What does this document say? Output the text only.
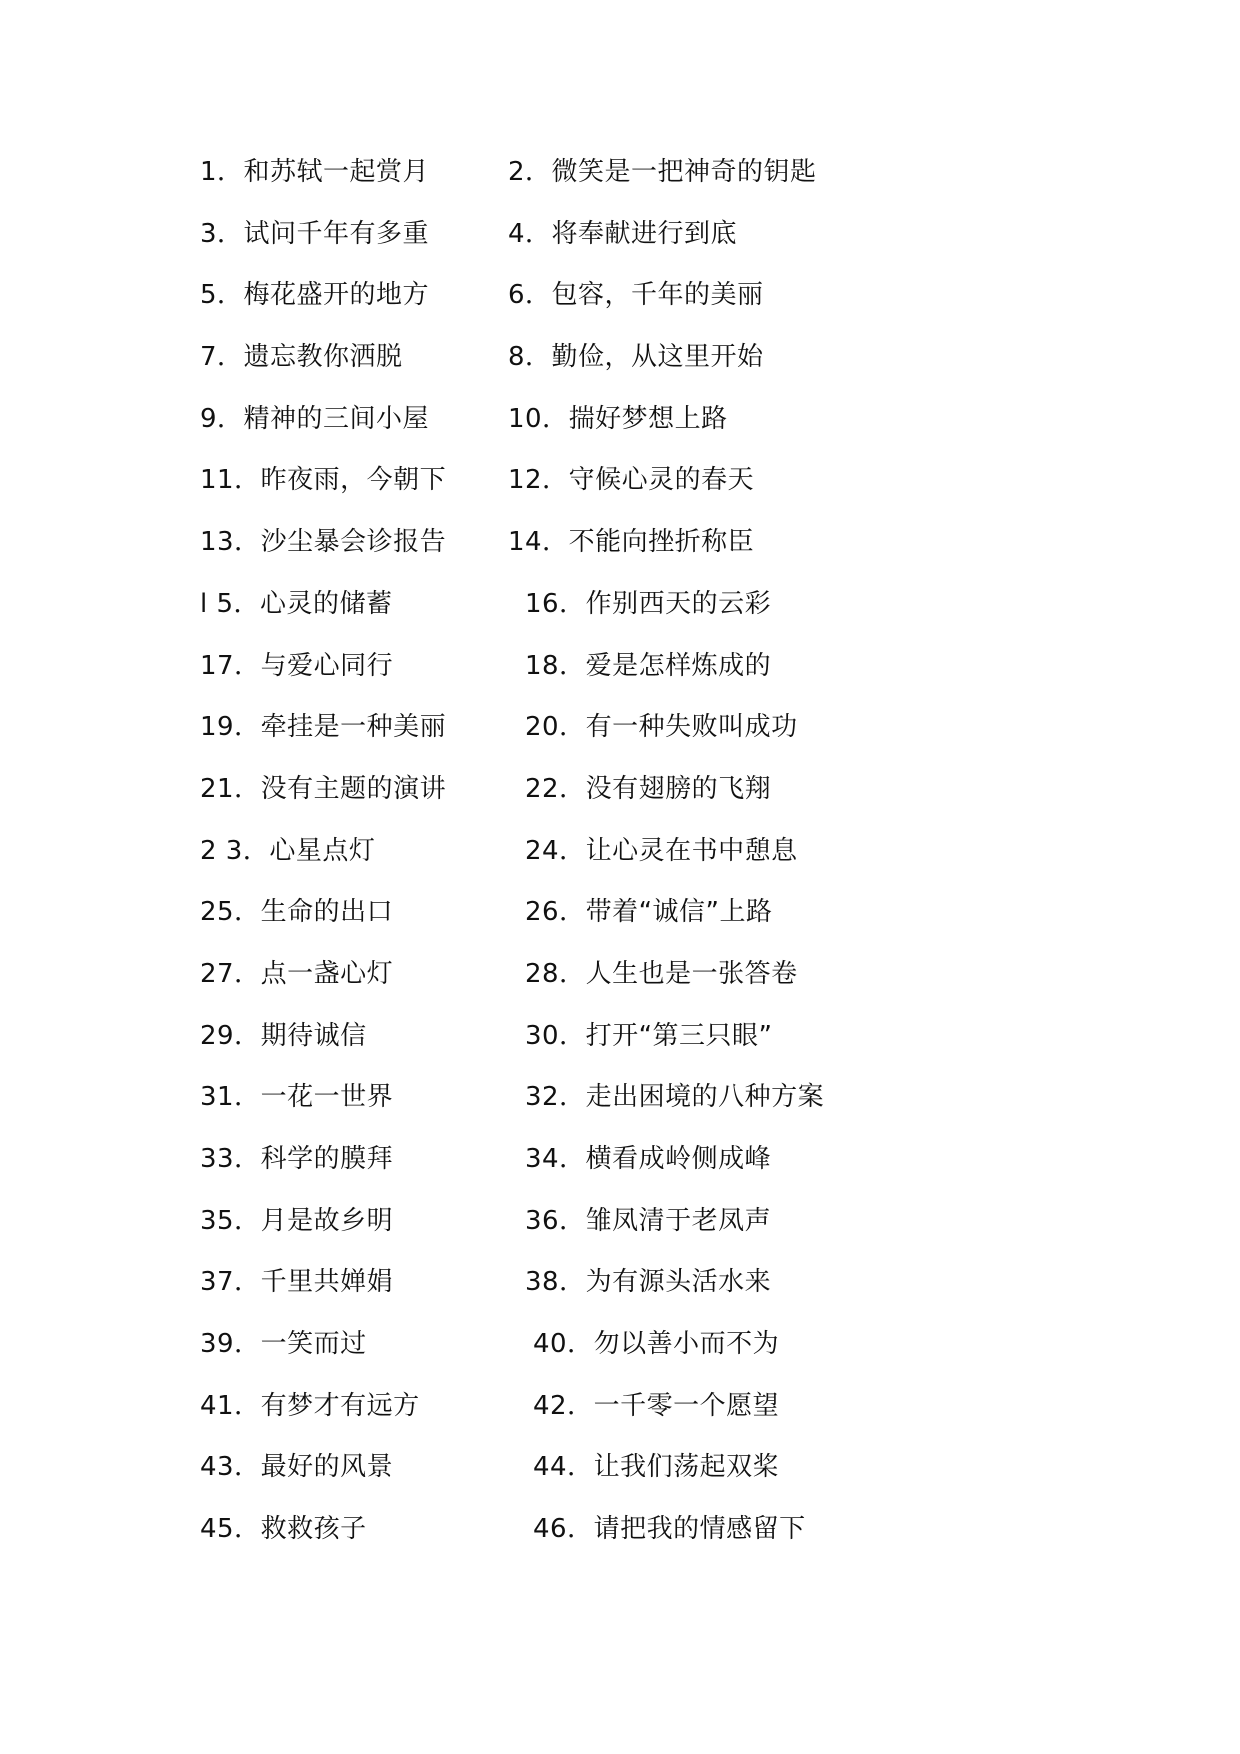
1．和苏轼一起赏月	2．微笑是一把神奇的钥匙
3．试问千年有多重	4．将奉献进行到底
5．梅花盛开的地方	6．包容，千年的美丽
7．遗忘教你洒脱	8．勤俭，从这里开始
9．精神的三间小屋	10．揣好梦想上路
11．昨夜雨，今朝下 12．守候心灵的春天
13．沙尘暴会诊报告 14．不能向挫折称臣
l 5．心灵的储蓄	16．作别西天的云彩
17．与爱心同行	18．爱是怎样炼成的
19．牵挂是一种美丽	20．有一种失败叫成功
21．没有主题的演讲	22．没有翅膀的飞翔
2 3．心星点灯	24．让心灵在书中憩息
25．生命的出口	26．带着“诚信”上路
27．点一盏心灯	28．人生也是一张答卷
29．期待诚信	30．打开“第三只眼”
31．一花一世界	32．走出困境的八种方案
33．科学的膜拜	34．横看成岭侧成峰
35．月是故乡明	36．雏凤清于老凤声
37．千里共婵娟	38．为有源头活水来
39．一笑而过	40．勿以善小而不为
41．有梦才有远方	42．一千零一个愿望
43．最好的风景	44．让我们荡起双桨
45．救救孩子	46．请把我的情感留下
